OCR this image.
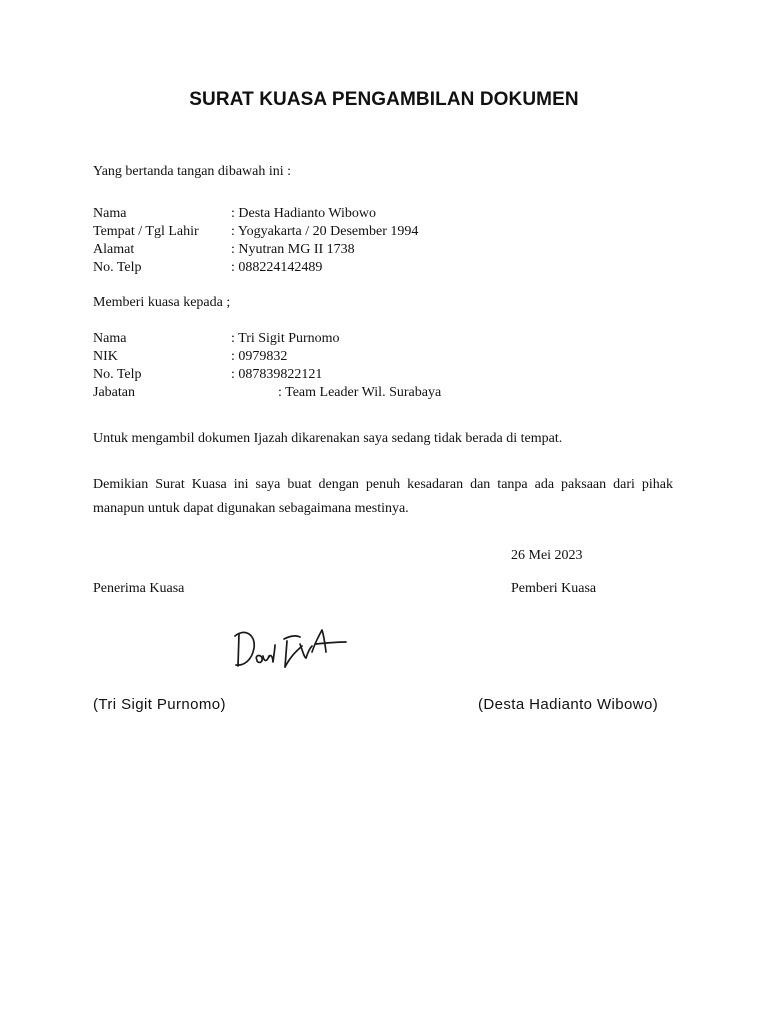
SURAT KUASA PENGAMBILAN DOKUMEN
Yang bertanda tangan dibawah ini :
Nama	: Desta Hadianto Wibowo
Tempat / Tgl Lahir : Yogyakarta / 20 Desember 1994
Alamat	: Nyutran MG II 1738
No. Telp	: 088224142489
Memberi kuasa kepada ;
Nama	: Tri Sigit Purnomo
NIK	: 0979832
No. Telp	: 087839822121
Jabatan	: Team Leader Wil. Surabaya
Untuk mengambil dokumen Ijazah dikarenakan saya sedang tidak berada di tempat.
Demikian Surat Kuasa ini saya buat dengan penuh kesadaran dan tanpa ada paksaan dari pihak manapun untuk dapat digunakan sebagaimana mestinya.
26 Mei 2023
Penerima Kuasa	Pemberi Kuasa
(Tri Sigit Purnomo)	(Desta Hadianto Wibowo)
